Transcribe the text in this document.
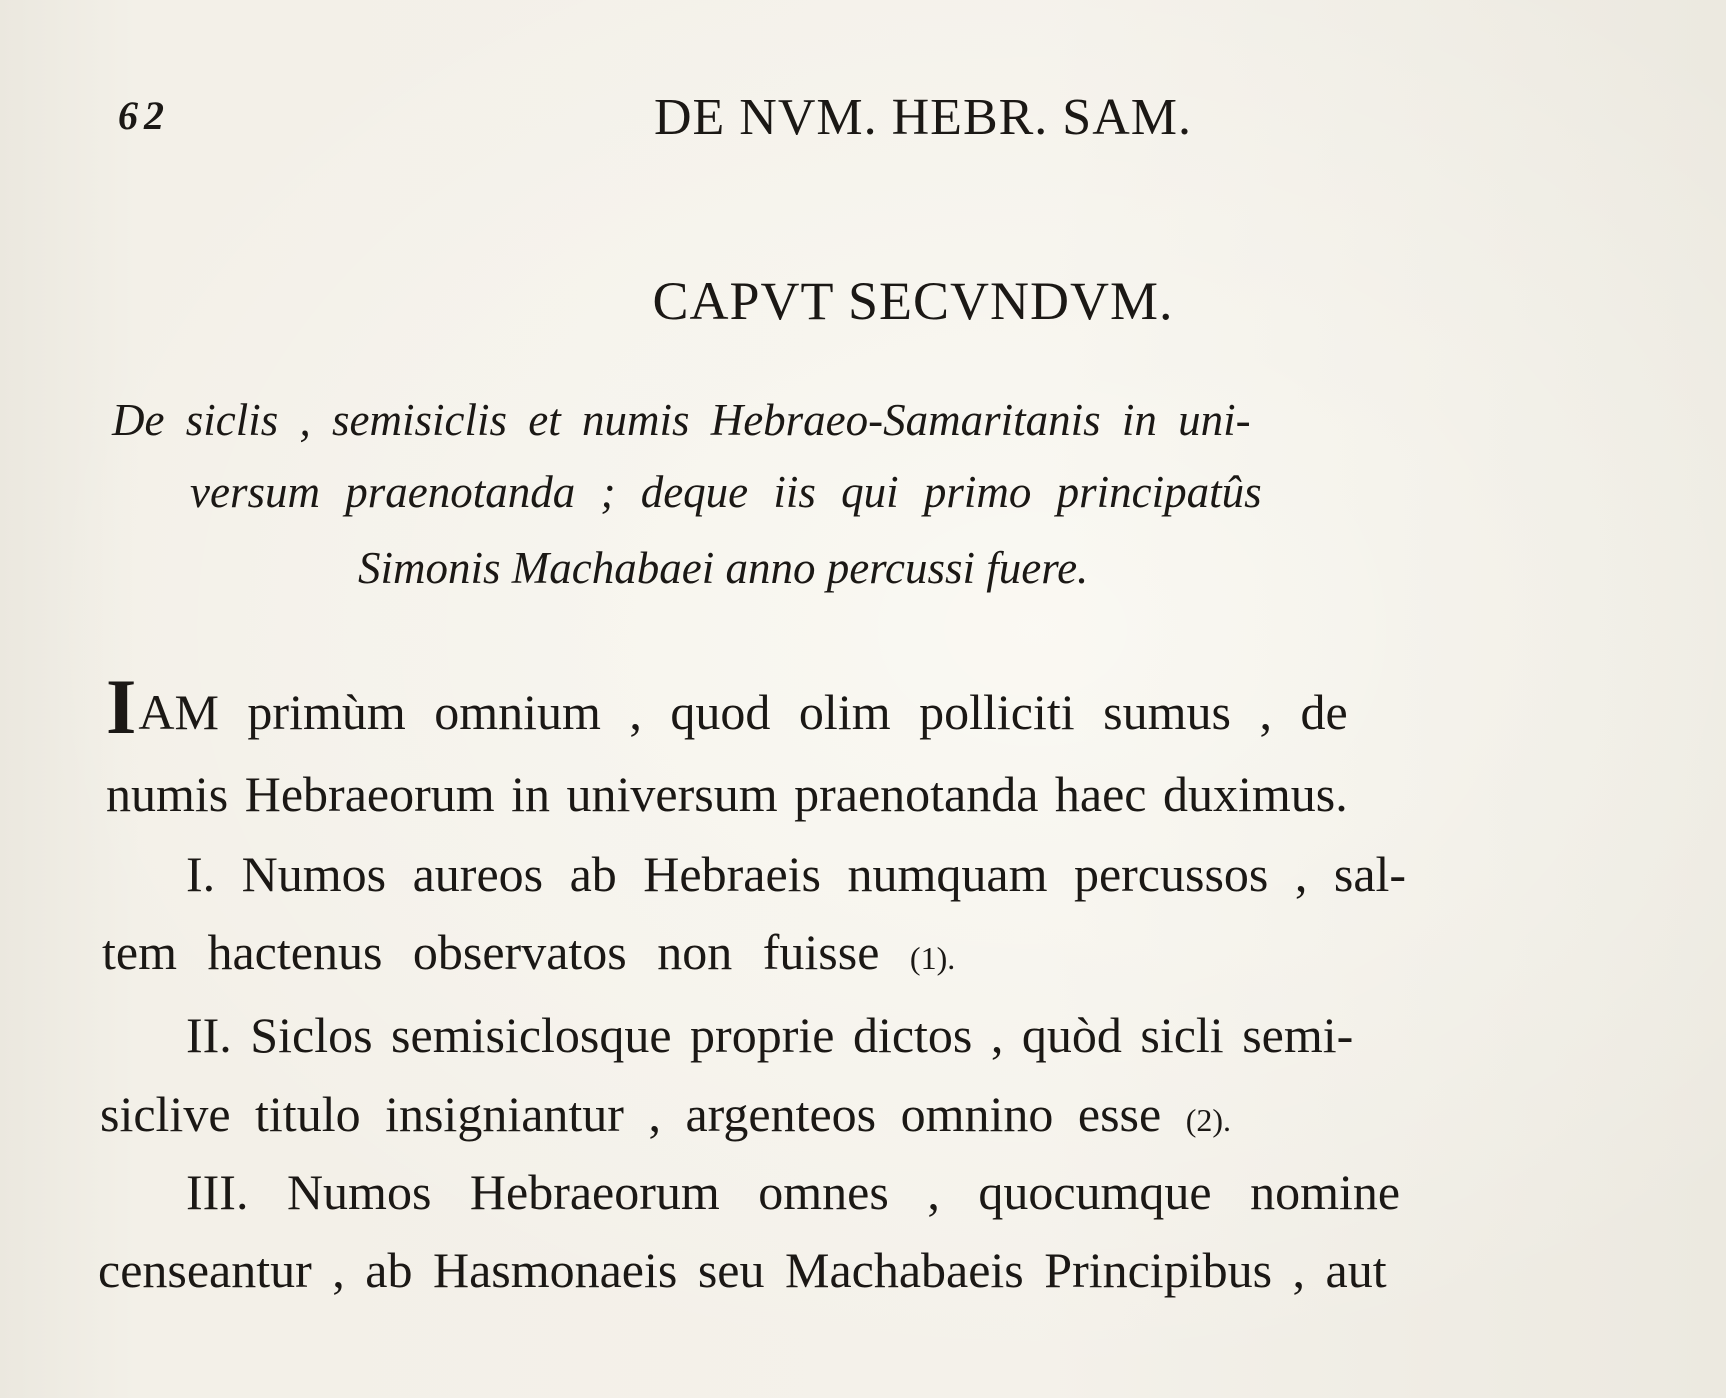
62	DE NVM. HEBR. SAM.
CAPVT SECVNDVM.
De siclis , semisiclis et numis Hebraeo-Samaritanis in uni-
versum praenotanda ; deque iis qui primo principatûs
Simonis Machabaei anno percussi fuere.
IAM primùm omnium , quod olim polliciti sumus , de
numis Hebraeorum in universum praenotanda haec duximus.
I. Numos aureos ab Hebraeis numquam percussos , sal-
tem hactenus observatos non fuisse (1).
II. Siclos semisiclosque proprie dictos , quòd sicli semi-
siclive titulo insigniantur , argenteos omnino esse (2).
III. Numos Hebraeorum omnes , quocumque nomine
censeantur , ab Hasmonaeis seu Machabaeis Principibus , aut
